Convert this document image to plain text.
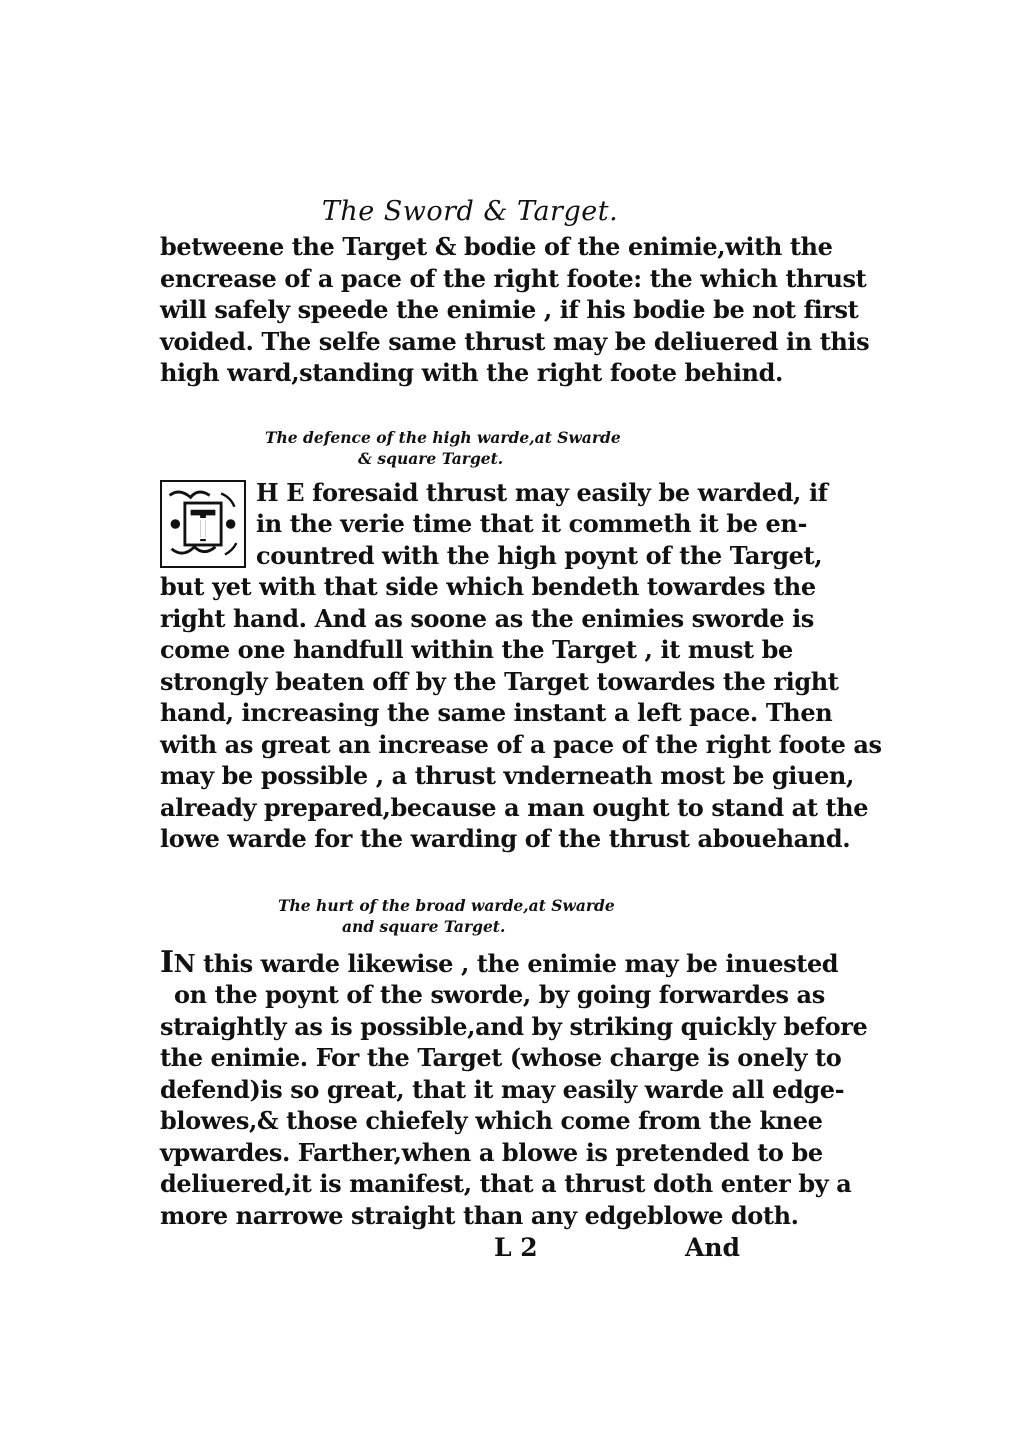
The Sword & Target.
betweene the Target & bodie of the enimie,with the
encrease of a pace of the right foote: the which thrust
will safely speede the enimie , if his bodie be not first
voided. The selfe same thrust may be deliuered in this
high ward,standing with the right foote behind.
The defence of the high warde,at Swarde
& square Target.
T
H E foresaid thrust may easily be warded, if
in the verie time that it commeth it be en-
countred with the high poynt of the Target,
but yet with that side which bendeth towardes the
right hand. And as soone as the enimies sworde is
come one handfull within the Target , it must be
strongly beaten off by the Target towardes the right
hand, increasing the same instant a left pace. Then
with as great an increase of a pace of the right foote as
may be possible , a thrust vnderneath most be giuen,
already prepared,because a man ought to stand at the
lowe warde for the warding of the thrust abouehand.
The hurt of the broad warde,at Swarde
and square Target.
IN this warde likewise , the enimie may be inuested
on the poynt of the sworde, by going forwardes as
straightly as is possible,and by striking quickly before
the enimie. For the Target (whose charge is onely to
defend)is so great, that it may easily warde all edge-
blowes,& those chiefely which come from the knee
vpwardes. Farther,when a blowe is pretended to be
deliuered,it is manifest, that a thrust doth enter by a
more narrowe straight than any edgeblowe doth.
L 2	And
